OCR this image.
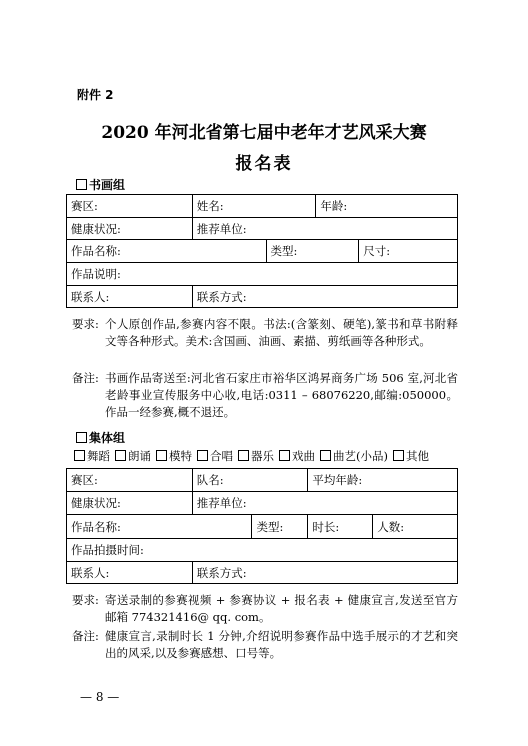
附件 2
2020 年河北省第七届中老年才艺风采大赛
报名表
书画组
赛区:	姓名:		年龄:	
健康状况:	推荐单位:			
作品名称:		类型:		尺寸:
作品说明:				
联系人:	联系方式:			
要求: 个人原创作品,参赛内容不限。书法:(含篆刻、硬笔),篆书和草书附释文等各种形式。美术:含国画、油画、素描、剪纸画等各种形式。
备注: 书画作品寄送至:河北省石家庄市裕华区鸿昇商务广场 506 室,河北省老龄事业宣传服务中心收,电话:0311 – 68076220,邮编:050000。作品一经参赛,概不退还。
集体组
舞蹈 朗诵 模特 合唱 器乐 戏曲 曲艺(小品) 其他
赛区:	队名:		平均年龄:	
健康状况:	推荐单位:			
作品名称:		类型:	时长:	人数:
作品拍摄时间:				
联系人:	联系方式:			
要求: 寄送录制的参赛视频 + 参赛协议 + 报名表 + 健康宣言,发送至官方邮箱 774321416@ qq. com。
备注: 健康宣言,录制时长 1 分钟,介绍说明参赛作品中选手展示的才艺和突出的风采,以及参赛感想、口号等。
— 8 —
